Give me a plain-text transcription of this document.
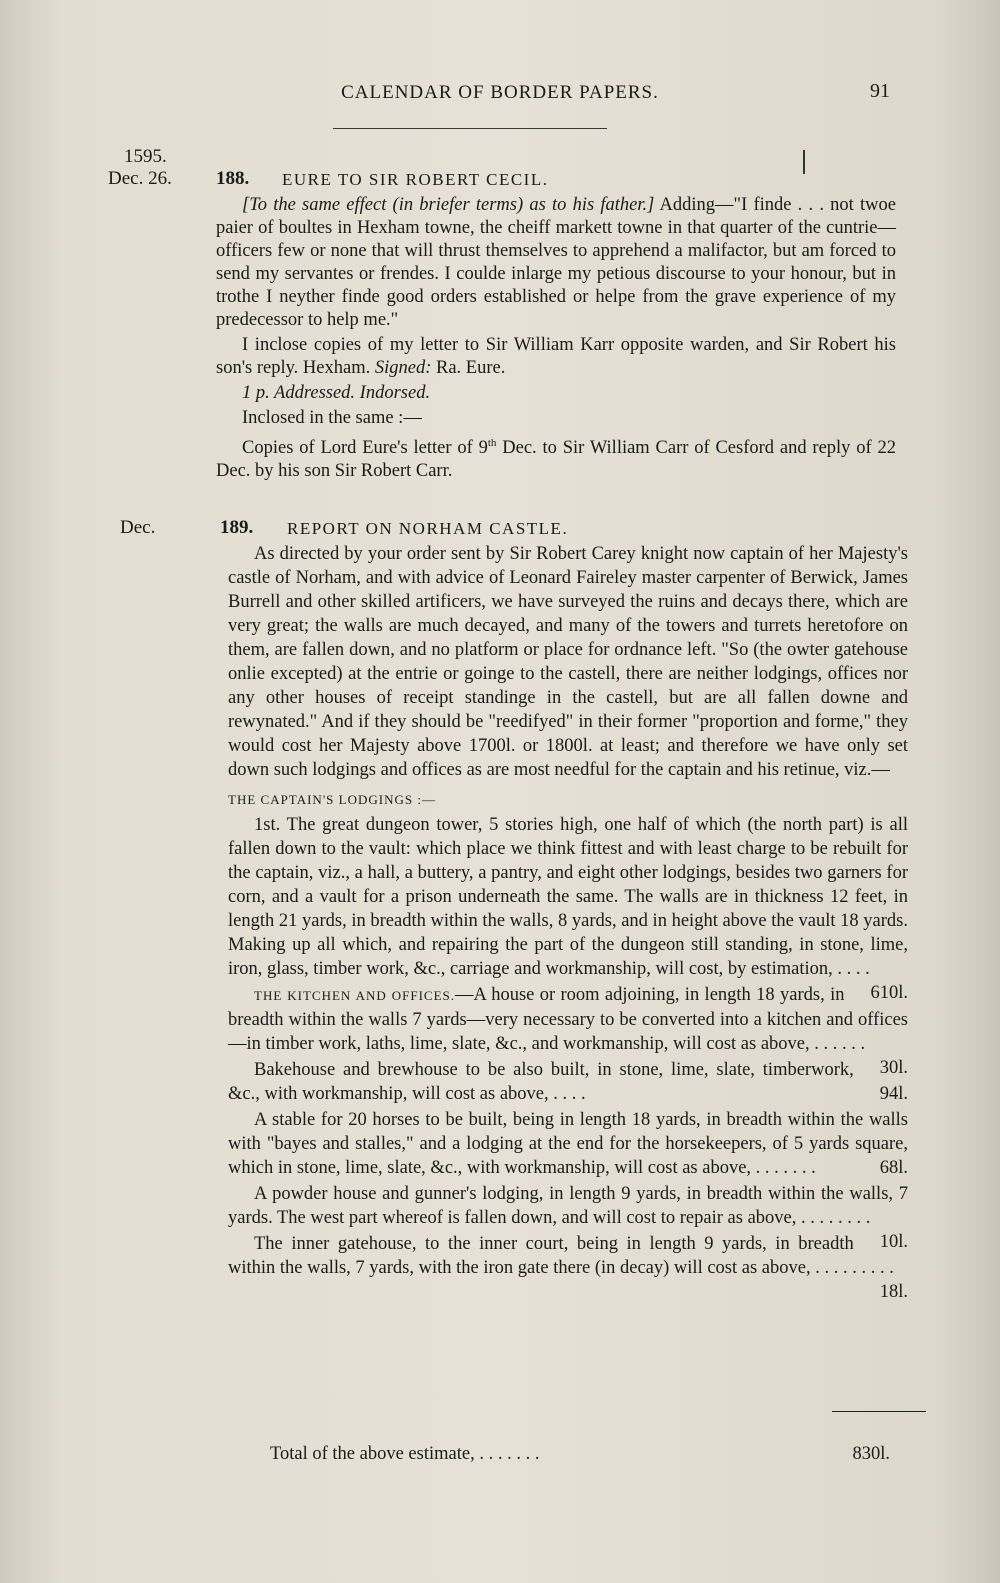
CALENDAR OF BORDER PAPERS.	91
1595.
Dec. 26. 188. EURE TO SIR ROBERT CECIL.

[To the same effect (in briefer terms) as to his father.] Adding—"I finde . . . not twoe paier of boultes in Hexham towne, the cheiff markett towne in that quarter of the cuntrie—officers few or none that will thrust themselves to apprehend a malifactor, but am forced to send my servantes or frendes. I coulde inlarge my petious discourse to your honour, but in trothe I neyther finde good orders established or helpe from the grave experience of my predecessor to help me."

I inclose copies of my letter to Sir William Karr opposite warden, and Sir Robert his son's reply. Hexham. Signed: Ra. Eure.

1 p. Addressed. Indorsed.

Inclosed in the same :—

Copies of Lord Eure's letter of 9th Dec. to Sir William Carr of Cesford and reply of 22 Dec. by his son Sir Robert Carr.

Dec.	189. REPORT ON NORHAM CASTLE.

As directed by your order sent by Sir Robert Carey knight now captain of her Majesty's castle of Norham, and with advice of Leonard Faireley master carpenter of Berwick, James Burrell and other skilled artificers, we have surveyed the ruins and decays there, which are very great; the walls are much decayed, and many of the towers and turrets heretofore on them, are fallen down, and no platform or place for ordnance left. "So (the owter gatehouse onlie excepted) at the entrie or goinge to the castell, there are neither lodgings, offices nor any other houses of receipt standinge in the castell, but are all fallen downe and rewynated." And if they should be "reedifyed" in their former "proportion and forme," they would cost her Majesty above 1700l. or 1800l. at least; and therefore we have only set down such lodgings and offices as are most needful for the captain and his retinue, viz.—

THE CAPTAIN'S LODGINGS :—

1st. The great dungeon tower, 5 stories high, one half of which (the north part) is all fallen down to the vault: which place we think fittest and with least charge to be rebuilt for the captain, viz., a hall, a buttery, a pantry, and eight other lodgings, besides two garners for corn, and a vault for a prison underneath the same. The walls are in thickness 12 feet, in length 21 yards, in breadth within the walls, 8 yards, and in height above the vault 18 yards. Making up all which, and repairing the part of the dungeon still standing, in stone, lime, iron, glass, timber work, &c., carriage and workmanship, will cost, by estimation, . . . .
610l.

THE KITCHEN AND OFFICES.—A house or room adjoining, in length 18 yards, in breadth within the walls 7 yards—very necessary to be converted into a kitchen and offices—in timber work, laths, lime, slate, &c., and workmanship, will cost as above, . . . . . .
30l.

Bakehouse and brewhouse to be also built, in stone, lime, slate, timberwork, &c., with workmanship, will cost as above, . . . .	94l.

A stable for 20 horses to be built, being in length 18 yards, in breadth within the walls with "bayes and stalles," and a lodging at the end for the horsekeepers, of 5 yards square, which in stone, lime, slate, &c., with workmanship, will cost as above, . . . . . . .	68l.

A powder house and gunner's lodging, in length 9 yards, in breadth within the walls, 7 yards. The west part whereof is fallen down, and will cost to repair as above, . . . . . . . .
10l.

The inner gatehouse, to the inner court, being in length 9 yards, in breadth within the walls, 7 yards, with the iron gate there (in decay) will cost as above, . . . . . . . . .
18l.

Total of the above estimate, . . . . . . .	830l.
